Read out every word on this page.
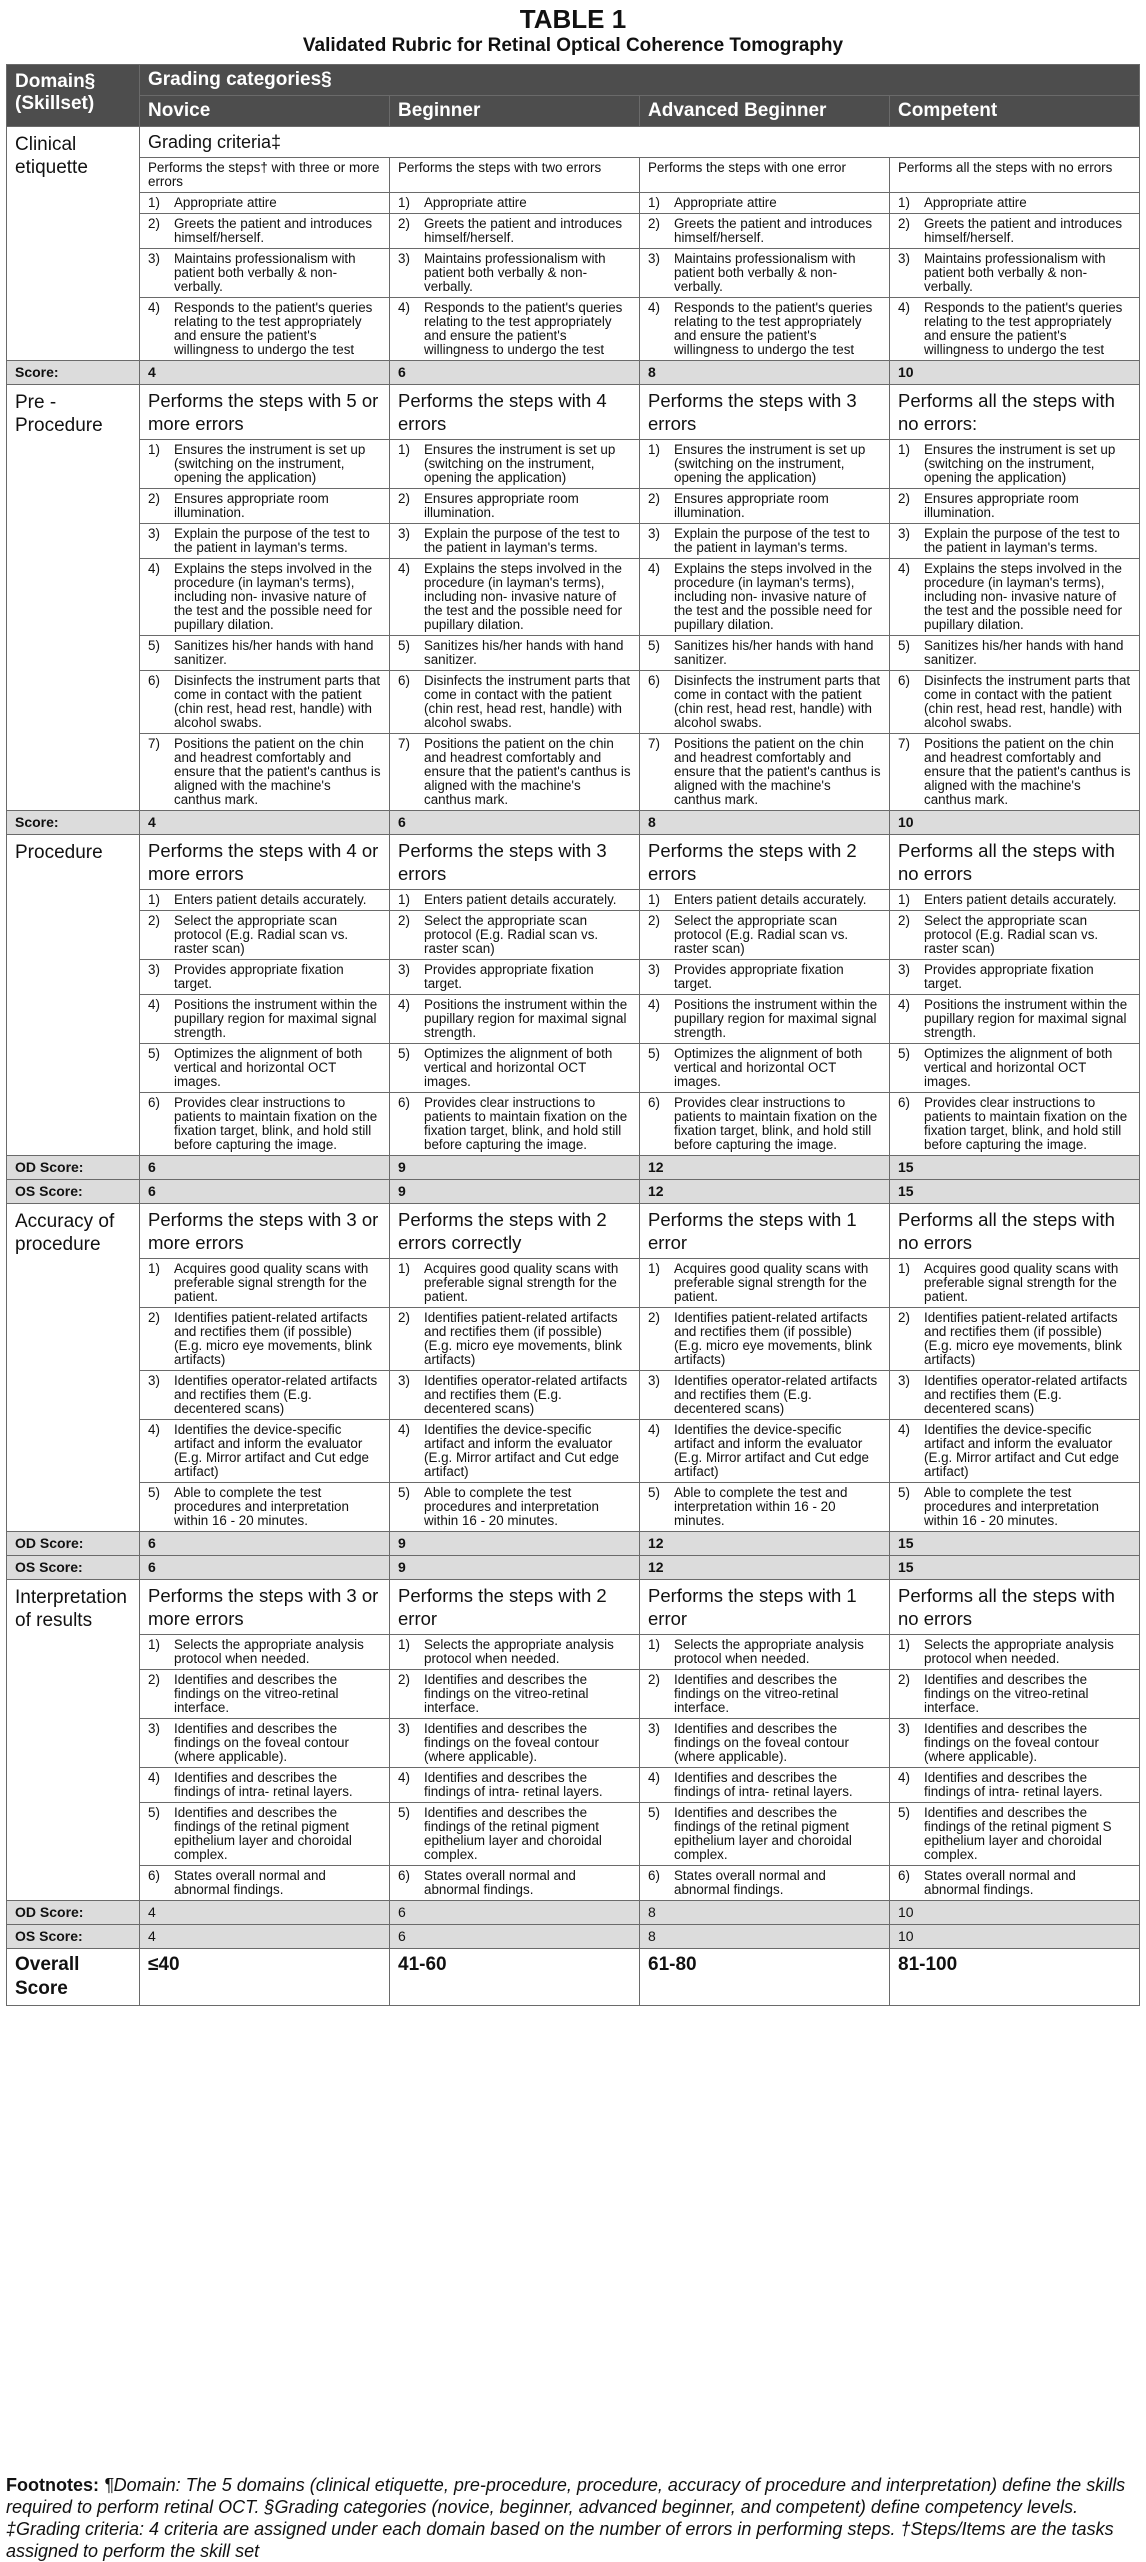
TABLE 1
Validated Rubric for Retinal Optical Coherence Tomography
Domain§ (Skillset)	Grading categories§			
	Novice	Beginner	Advanced Beginner	Competent
Clinical etiquette	Grading criteria‡			
	Performs the steps† with three or more errors	Performs the steps with two errors	Performs the steps with one error	Performs all the steps with no errors
	1) Appropriate attire	1) Appropriate attire	1) Appropriate attire	1) Appropriate attire
	2) Greets the patient and introduces himself/herself.	2) Greets the patient and introduces himself/herself.	2) Greets the patient and introduces himself/herself.	2) Greets the patient and introduces himself/herself.
	3) Maintains professionalism with patient both verbally & non-verbally.	3) Maintains professionalism with patient both verbally & non-verbally.	3) Maintains professionalism with patient both verbally & non-verbally.	3) Maintains professionalism with patient both verbally & non-verbally.
	4) Responds to the patient's queries relating to the test appropriately and ensure the patient's willingness to undergo the test	4) Responds to the patient's queries relating to the test appropriately and ensure the patient's willingness to undergo the test	4) Responds to the patient's queries relating to the test appropriately and ensure the patient's willingness to undergo the test	4) Responds to the patient's queries relating to the test appropriately and ensure the patient's willingness to undergo the test
Score:	4	6	8	10
Pre - Procedure	Performs the steps with 5 or more errors	Performs the steps with 4 errors	Performs the steps with 3 errors	Performs all the steps with no errors:
	1) Ensures the instrument is set up (switching on the instrument, opening the application)	1) Ensures the instrument is set up (switching on the instrument, opening the application)	1) Ensures the instrument is set up (switching on the instrument, opening the application)	1) Ensures the instrument is set up (switching on the instrument, opening the application)
	2) Ensures appropriate room illumination.	2) Ensures appropriate room illumination.	2) Ensures appropriate room illumination.	2) Ensures appropriate room illumination.
	3) Explain the purpose of the test to the patient in layman's terms.	3) Explain the purpose of the test to the patient in layman's terms.	3) Explain the purpose of the test to the patient in layman's terms.	3) Explain the purpose of the test to the patient in layman's terms.
	4) Explains the steps involved in the procedure (in layman's terms), including non- invasive nature of the test and the possible need for pupillary dilation.	4) Explains the steps involved in the procedure (in layman's terms), including non- invasive nature of the test and the possible need for pupillary dilation.	4) Explains the steps involved in the procedure (in layman's terms), including non- invasive nature of the test and the possible need for pupillary dilation.	4) Explains the steps involved in the procedure (in layman's terms), including non- invasive nature of the test and the possible need for pupillary dilation.
	5) Sanitizes his/her hands with hand sanitizer.	5) Sanitizes his/her hands with hand sanitizer.	5) Sanitizes his/her hands with hand sanitizer.	5) Sanitizes his/her hands with hand sanitizer.
	6) Disinfects the instrument parts that come in contact with the patient (chin rest, head rest, handle) with alcohol swabs.	6) Disinfects the instrument parts that come in contact with the patient (chin rest, head rest, handle) with alcohol swabs.	6) Disinfects the instrument parts that come in contact with the patient (chin rest, head rest, handle) with alcohol swabs.	6) Disinfects the instrument parts that come in contact with the patient (chin rest, head rest, handle) with alcohol swabs.
	7) Positions the patient on the chin and headrest comfortably and ensure that the patient's canthus is aligned with the machine's canthus mark.	7) Positions the patient on the chin and headrest comfortably and ensure that the patient's canthus is aligned with the machine's canthus mark.	7) Positions the patient on the chin and headrest comfortably and ensure that the patient's canthus is aligned with the machine's canthus mark.	7) Positions the patient on the chin and headrest comfortably and ensure that the patient's canthus is aligned with the machine's canthus mark.
Score:	4	6	8	10
Procedure	Performs the steps with 4 or more errors	Performs the steps with 3 errors	Performs the steps with 2 errors	Performs all the steps with no errors
	1) Enters patient details accurately.	1) Enters patient details accurately.	1) Enters patient details accurately.	1) Enters patient details accurately.
	2) Select the appropriate scan protocol (E.g. Radial scan vs. raster scan)	2) Select the appropriate scan protocol (E.g. Radial scan vs. raster scan)	2) Select the appropriate scan protocol (E.g. Radial scan vs. raster scan)	2) Select the appropriate scan protocol (E.g. Radial scan vs. raster scan)
	3) Provides appropriate fixation target.	3) Provides appropriate fixation target.	3) Provides appropriate fixation target.	3) Provides appropriate fixation target.
	4) Positions the instrument within the pupillary region for maximal signal strength.	4) Positions the instrument within the pupillary region for maximal signal strength.	4) Positions the instrument within the pupillary region for maximal signal strength.	4) Positions the instrument within the pupillary region for maximal signal strength.
	5) Optimizes the alignment of both vertical and horizontal OCT images.	5) Optimizes the alignment of both vertical and horizontal OCT images.	5) Optimizes the alignment of both vertical and horizontal OCT images.	5) Optimizes the alignment of both vertical and horizontal OCT images.
	6) Provides clear instructions to patients to maintain fixation on the fixation target, blink, and hold still before capturing the image.	6) Provides clear instructions to patients to maintain fixation on the fixation target, blink, and hold still before capturing the image.	6) Provides clear instructions to patients to maintain fixation on the fixation target, blink, and hold still before capturing the image.	6) Provides clear instructions to patients to maintain fixation on the fixation target, blink, and hold still before capturing the image.
OD Score:	6	9	12	15
OS Score:	6	9	12	15
Accuracy of procedure	Performs the steps with 3 or more errors	Performs the steps with 2 errors correctly	Performs the steps with 1 error	Performs all the steps with no errors
	1) Acquires good quality scans with preferable signal strength for the patient.	1) Acquires good quality scans with preferable signal strength for the patient.	1) Acquires good quality scans with preferable signal strength for the patient.	1) Acquires good quality scans with preferable signal strength for the patient.
	2) Identifies patient-related artifacts and rectifies them (if possible) (E.g. micro eye movements, blink artifacts)	2) Identifies patient-related artifacts and rectifies them (if possible) (E.g. micro eye movements, blink artifacts)	2) Identifies patient-related artifacts and rectifies them (if possible) (E.g. micro eye movements, blink artifacts)	2) Identifies patient-related artifacts and rectifies them (if possible) (E.g. micro eye movements, blink artifacts)
	3) Identifies operator-related artifacts and rectifies them (E.g. decentered scans)	3) Identifies operator-related artifacts and rectifies them (E.g. decentered scans)	3) Identifies operator-related artifacts and rectifies them (E.g. decentered scans)	3) Identifies operator-related artifacts and rectifies them (E.g. decentered scans)
	4) Identifies the device-specific artifact and inform the evaluator (E.g. Mirror artifact and Cut edge artifact)	4) Identifies the device-specific artifact and inform the evaluator (E.g. Mirror artifact and Cut edge artifact)	4) Identifies the device-specific artifact and inform the evaluator (E.g. Mirror artifact and Cut edge artifact)	4) Identifies the device-specific artifact and inform the evaluator (E.g. Mirror artifact and Cut edge artifact)
	5) Able to complete the test procedures and interpretation within 16 - 20 minutes.	5) Able to complete the test procedures and interpretation within 16 - 20 minutes.	5) Able to complete the test and interpretation within 16 - 20 minutes.	5) Able to complete the test procedures and interpretation within 16 - 20 minutes.
OD Score:	6	9	12	15
OS Score:	6	9	12	15
Interpretation of results	Performs the steps with 3 or more errors	Performs the steps with 2 error	Performs the steps with 1 error	Performs all the steps with no errors
	1) Selects the appropriate analysis protocol when needed.	1) Selects the appropriate analysis protocol when needed.	1) Selects the appropriate analysis protocol when needed.	1) Selects the appropriate analysis protocol when needed.
	2) Identifies and describes the findings on the vitreo-retinal interface.	2) Identifies and describes the findings on the vitreo-retinal interface.	2) Identifies and describes the findings on the vitreo-retinal interface.	2) Identifies and describes the findings on the vitreo-retinal interface.
	3) Identifies and describes the findings on the foveal contour (where applicable).	3) Identifies and describes the findings on the foveal contour (where applicable).	3) Identifies and describes the findings on the foveal contour (where applicable).	3) Identifies and describes the findings on the foveal contour (where applicable).
	4) Identifies and describes the findings of intra- retinal layers.	4) Identifies and describes the findings of intra- retinal layers.	4) Identifies and describes the findings of intra- retinal layers.	4) Identifies and describes the findings of intra- retinal layers.
	5) Identifies and describes the findings of the retinal pigment epithelium layer and choroidal complex.	5) Identifies and describes the findings of the retinal pigment epithelium layer and choroidal complex.	5) Identifies and describes the findings of the retinal pigment epithelium layer and choroidal complex.	5) Identifies and describes the findings of the retinal pigment S epithelium layer and choroidal complex.
	6) States overall normal and abnormal findings.	6) States overall normal and abnormal findings.	6) States overall normal and abnormal findings.	6) States overall normal and abnormal findings.
OD Score:	4	6	8	10
OS Score:	4	6	8	10
Overall Score	≤40	41-60	61-80	81-100
Footnotes: ¶Domain: The 5 domains (clinical etiquette, pre-procedure, procedure, accuracy of procedure and interpretation) define the skills required to perform retinal OCT. §Grading categories (novice, beginner, advanced beginner, and competent) define competency levels. ‡Grading criteria: 4 criteria are assigned under each domain based on the number of errors in performing steps. †Steps/Items are the tasks assigned to perform the skill set
